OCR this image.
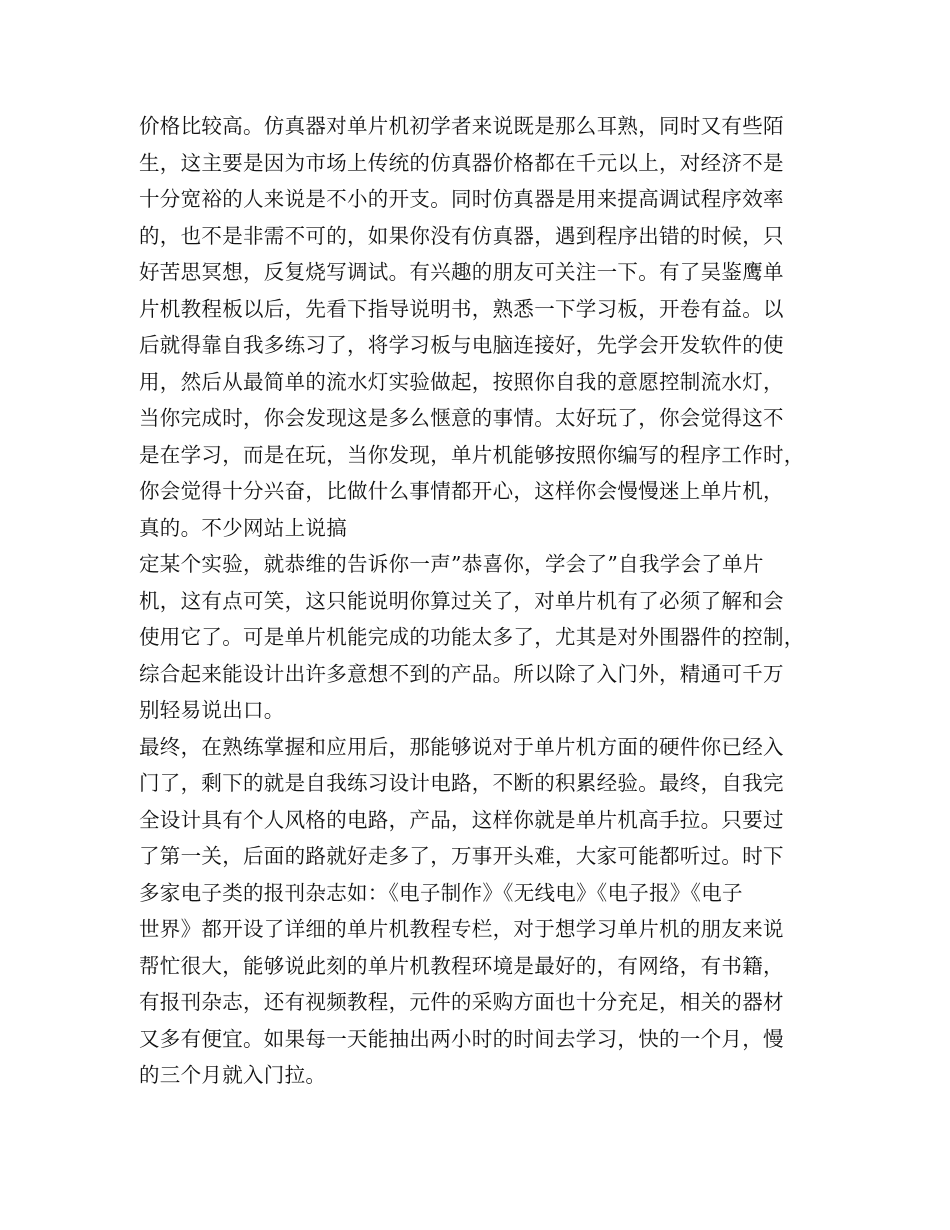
价格比较高。仿真器对单片机初学者来说既是那么耳熟，同时又有些陌
生，这主要是因为市场上传统的仿真器价格都在千元以上，对经济不是
十分宽裕的人来说是不小的开支。同时仿真器是用来提高调试程序效率
的，也不是非需不可的，如果你没有仿真器，遇到程序出错的时候，只
好苦思冥想，反复烧写调试。有兴趣的朋友可关注一下。有了吴鉴鹰单
片机教程板以后，先看下指导说明书，熟悉一下学习板，开卷有益。以
后就得靠自我多练习了，将学习板与电脑连接好，先学会开发软件的使
用，然后从最简单的流水灯实验做起，按照你自我的意愿控制流水灯，
当你完成时，你会发现这是多么惬意的事情。太好玩了，你会觉得这不
是在学习，而是在玩，当你发现，单片机能够按照你编写的程序工作时，
你会觉得十分兴奋，比做什么事情都开心，这样你会慢慢迷上单片机，
真的。不少网站上说搞

定某个实验，就恭维的告诉你一声”恭喜你，学会了”自我学会了单片
机，这有点可笑，这只能说明你算过关了，对单片机有了必须了解和会
使用它了。可是单片机能完成的功能太多了，尤其是对外围器件的控制，
综合起来能设计出许多意想不到的产品。所以除了入门外，精通可千万
别轻易说出口。

最终，在熟练掌握和应用后，那能够说对于单片机方面的硬件你已经入
门了，剩下的就是自我练习设计电路，不断的积累经验。最终，自我完
全设计具有个人风格的电路，产品，这样你就是单片机高手拉。只要过
了第一关，后面的路就好走多了，万事开头难，大家可能都听过。时下
多家电子类的报刊杂志如：《电子制作》《无线电》《电子报》《电子
世界》都开设了详细的单片机教程专栏，对于想学习单片机的朋友来说
帮忙很大，能够说此刻的单片机教程环境是最好的，有网络，有书籍，
有报刊杂志，还有视频教程，元件的采购方面也十分充足，相关的器材
又多有便宜。如果每一天能抽出两小时的时间去学习，快的一个月，慢
的三个月就入门拉。
